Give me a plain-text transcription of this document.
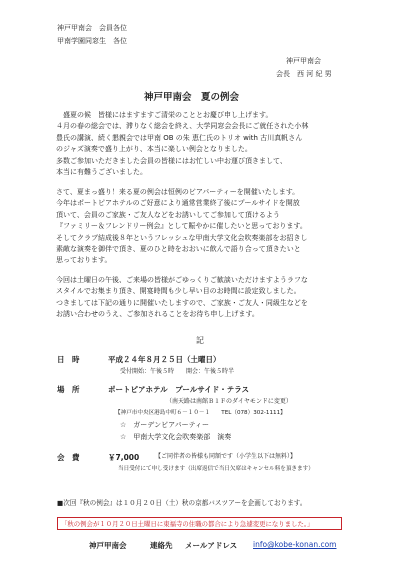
神戸甲南会　会員各位
甲南学園同窓生　各位
神戸甲南会
会長　西 河 紀 男
神戸甲南会　夏の例会
盛夏の候　皆様にはますますご清栄のこととお慶び申し上げます。
４月の春の総会では、滞りなく総会を終え、大学同窓会会長にご就任された小林
豊氏の講演、続く懇親会では甲南 OB の朱 恵仁氏のトリオ with 古川真帆さん
のジャズ演奏で盛り上がり、本当に楽しい例会となりました。
多数ご参加いただきました会員の皆様にはお忙しい中お運び頂きまして、
本当に有難うございました。
さて、夏まっ盛り！来る夏の例会は恒例のビアパーティーを開催いたします。
今年はポートピアホテルのご好意により通常営業終了後にプールサイドを開放
頂いて、会員のご家族・ご友人などをお誘いしてご参加して頂けるよう
『ファミリー＆フレンドリー例会』として賑やかに催したいと思っております。
そしてクラブ結成後８年というフレッシュな甲南大学文化会吹奏楽部をお招きし
素敵な演奏を御伴で頂き、夏のひと時をおおいに飲んで語り合って頂きたいと
思っております。
今回は土曜日の午後、ご来場の皆様がごゆっくりご歓談いただけますようラフな
スタイルでお集まり頂き、開宴時間も少し早い目のお時間に設定致しました。
つきましては下記の通りに開催いたしますので、ご家族・ご友人・同級生などを
お誘い合わせのうえ、ご参加されることをお待ち申し上げます。
記
日　時	平成２４年８月２５日（土曜日）
受付開始：午後５時　　開会：午後５時半
場　所	ポートピアホテル　プールサイド・テラス
（南天路は南館Ｂ１Ｆのダイヤモンドに変更）
【神戸市中央区港島中町６－１０－１　　TEL（078）302-1111】
☆　ガーデンビアパーティー
☆　甲南大学文化会吹奏楽部　演奏
会　費	￥7,000	【ご同伴者の皆様も同額です（小学生以下は無料）】
当日受付にて申し受けます（出席返信で当日欠席はキャンセル料を頂きます）
■次回『秋の例会』は１０月２０日（土）秋の京都バスツアーを企画しております。
「秋の例会が１０月２０日土曜日に東福寺の住職の都合により急遽変更になりました。」
神戸甲南会	連絡先 メールアドレス info@kobe-konan.com
